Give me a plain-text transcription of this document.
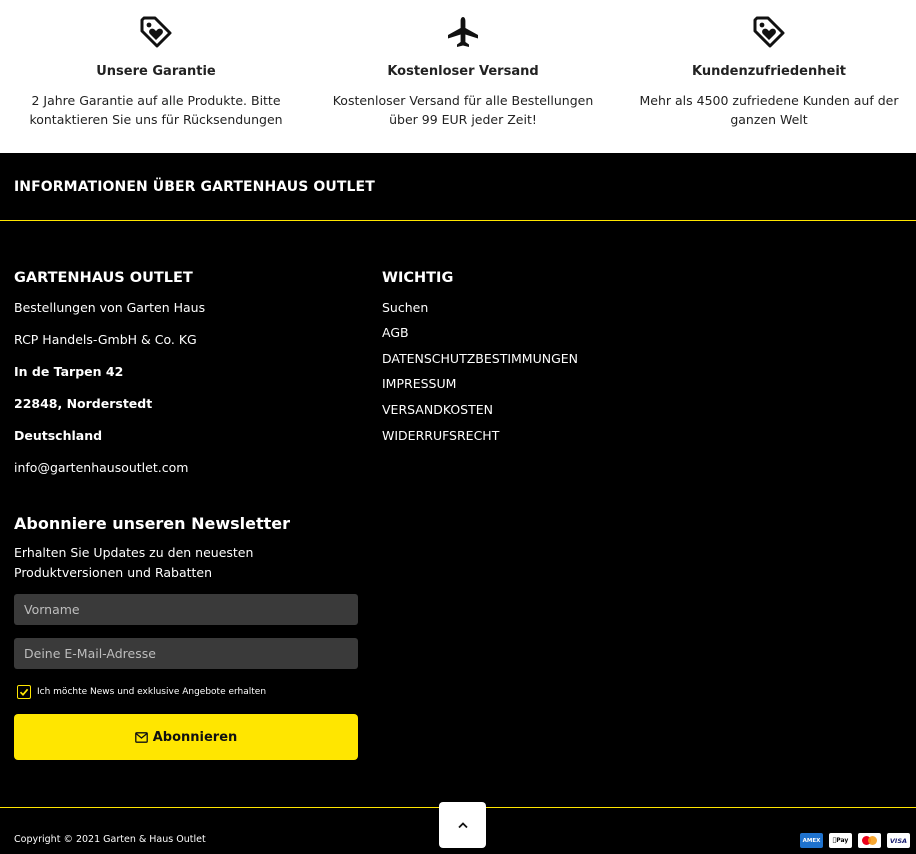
Unsere Garantie
2 Jahre Garantie auf alle Produkte. Bitte
kontaktieren Sie uns für Rücksendungen
Kostenloser Versand
Kostenloser Versand für alle Bestellungen
über 99 EUR jeder Zeit!
Kundenzufriedenheit
Mehr als 4500 zufriedene Kunden auf der
ganzen Welt
INFORMATIONEN ÜBER GARTENHAUS OUTLET
GARTENHAUS OUTLET
Bestellungen von Garten Haus
RCP Handels-GmbH & Co. KG
In de Tarpen 42
22848, Norderstedt
Deutschland
info@gartenhausoutlet.com
WICHTIG
Suchen
AGB
DATENSCHUTZBESTIMMUNGEN
IMPRESSUM
VERSANDKOSTEN
WIDERRUFSRECHT
Abonniere unseren Newsletter
Erhalten Sie Updates zu den neuesten Produktversionen und Rabatten
Vorname
Deine E-Mail-Adresse
Ich möchte News und exklusive Angebote erhalten
Abonnieren
Copyright © 2021 Garten & Haus Outlet	AMEX	Pay	VISA
